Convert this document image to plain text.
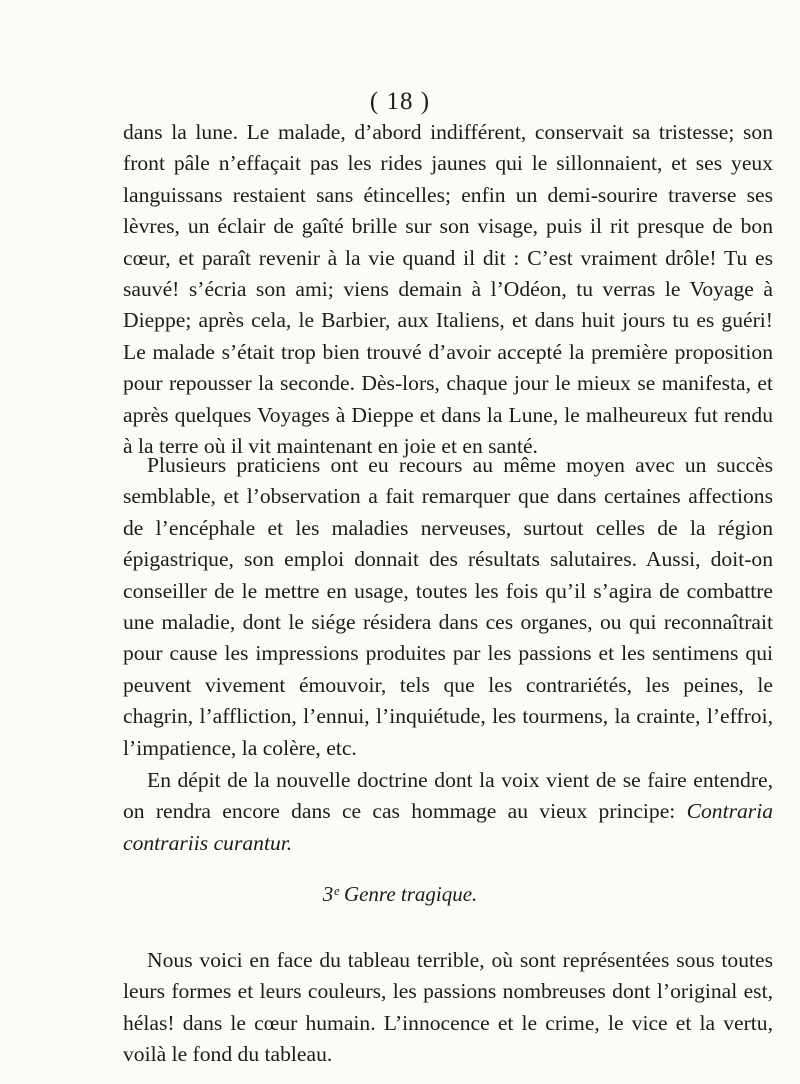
( 18 )

dans la lune. Le malade, d’abord indifférent, conservait sa tristesse; son front pâle n’effaçait pas les rides jaunes qui le sillonnaient, et ses yeux languissans restaient sans étincelles; enfin un demi-sourire traverse ses lèvres, un éclair de gaîté brille sur son visage, puis il rit presque de bon cœur, et paraît revenir à la vie quand il dit : C’est vraiment drôle! Tu es sauvé! s’écria son ami; viens demain à l’Odéon, tu verras le Voyage à Dieppe; après cela, le Barbier, aux Italiens, et dans huit jours tu es guéri! Le malade s’était trop bien trouvé d’avoir accepté la première proposition pour repousser la seconde. Dès-lors, chaque jour le mieux se manifesta, et après quelques Voyages à Dieppe et dans la Lune, le malheureux fut rendu à la terre où il vit maintenant en joie et en santé.

Plusieurs praticiens ont eu recours au même moyen avec un succès semblable, et l’observation a fait remarquer que dans certaines affections de l’encéphale et les maladies nerveuses, surtout celles de la région épigastrique, son emploi donnait des résultats salutaires. Aussi, doit-on conseiller de le mettre en usage, toutes les fois qu’il s’agira de combattre une maladie, dont le siége résidera dans ces organes, ou qui reconnaîtrait pour cause les impressions produites par les passions et les sentimens qui peuvent vivement émouvoir, tels que les contrariétés, les peines, le chagrin, l’affliction, l’ennui, l’inquiétude, les tourmens, la crainte, l’effroi, l’impatience, la colère, etc.

En dépit de la nouvelle doctrine dont la voix vient de se faire entendre, on rendra encore dans ce cas hommage au vieux principe: Contraria contrariis curantur.

3ᵉ Genre tragique.

Nous voici en face du tableau terrible, où sont représentées sous toutes leurs formes et leurs couleurs, les passions nombreuses dont l’original est, hélas! dans le cœur humain. L’innocence et le crime, le vice et la vertu, voilà le fond du tableau.
